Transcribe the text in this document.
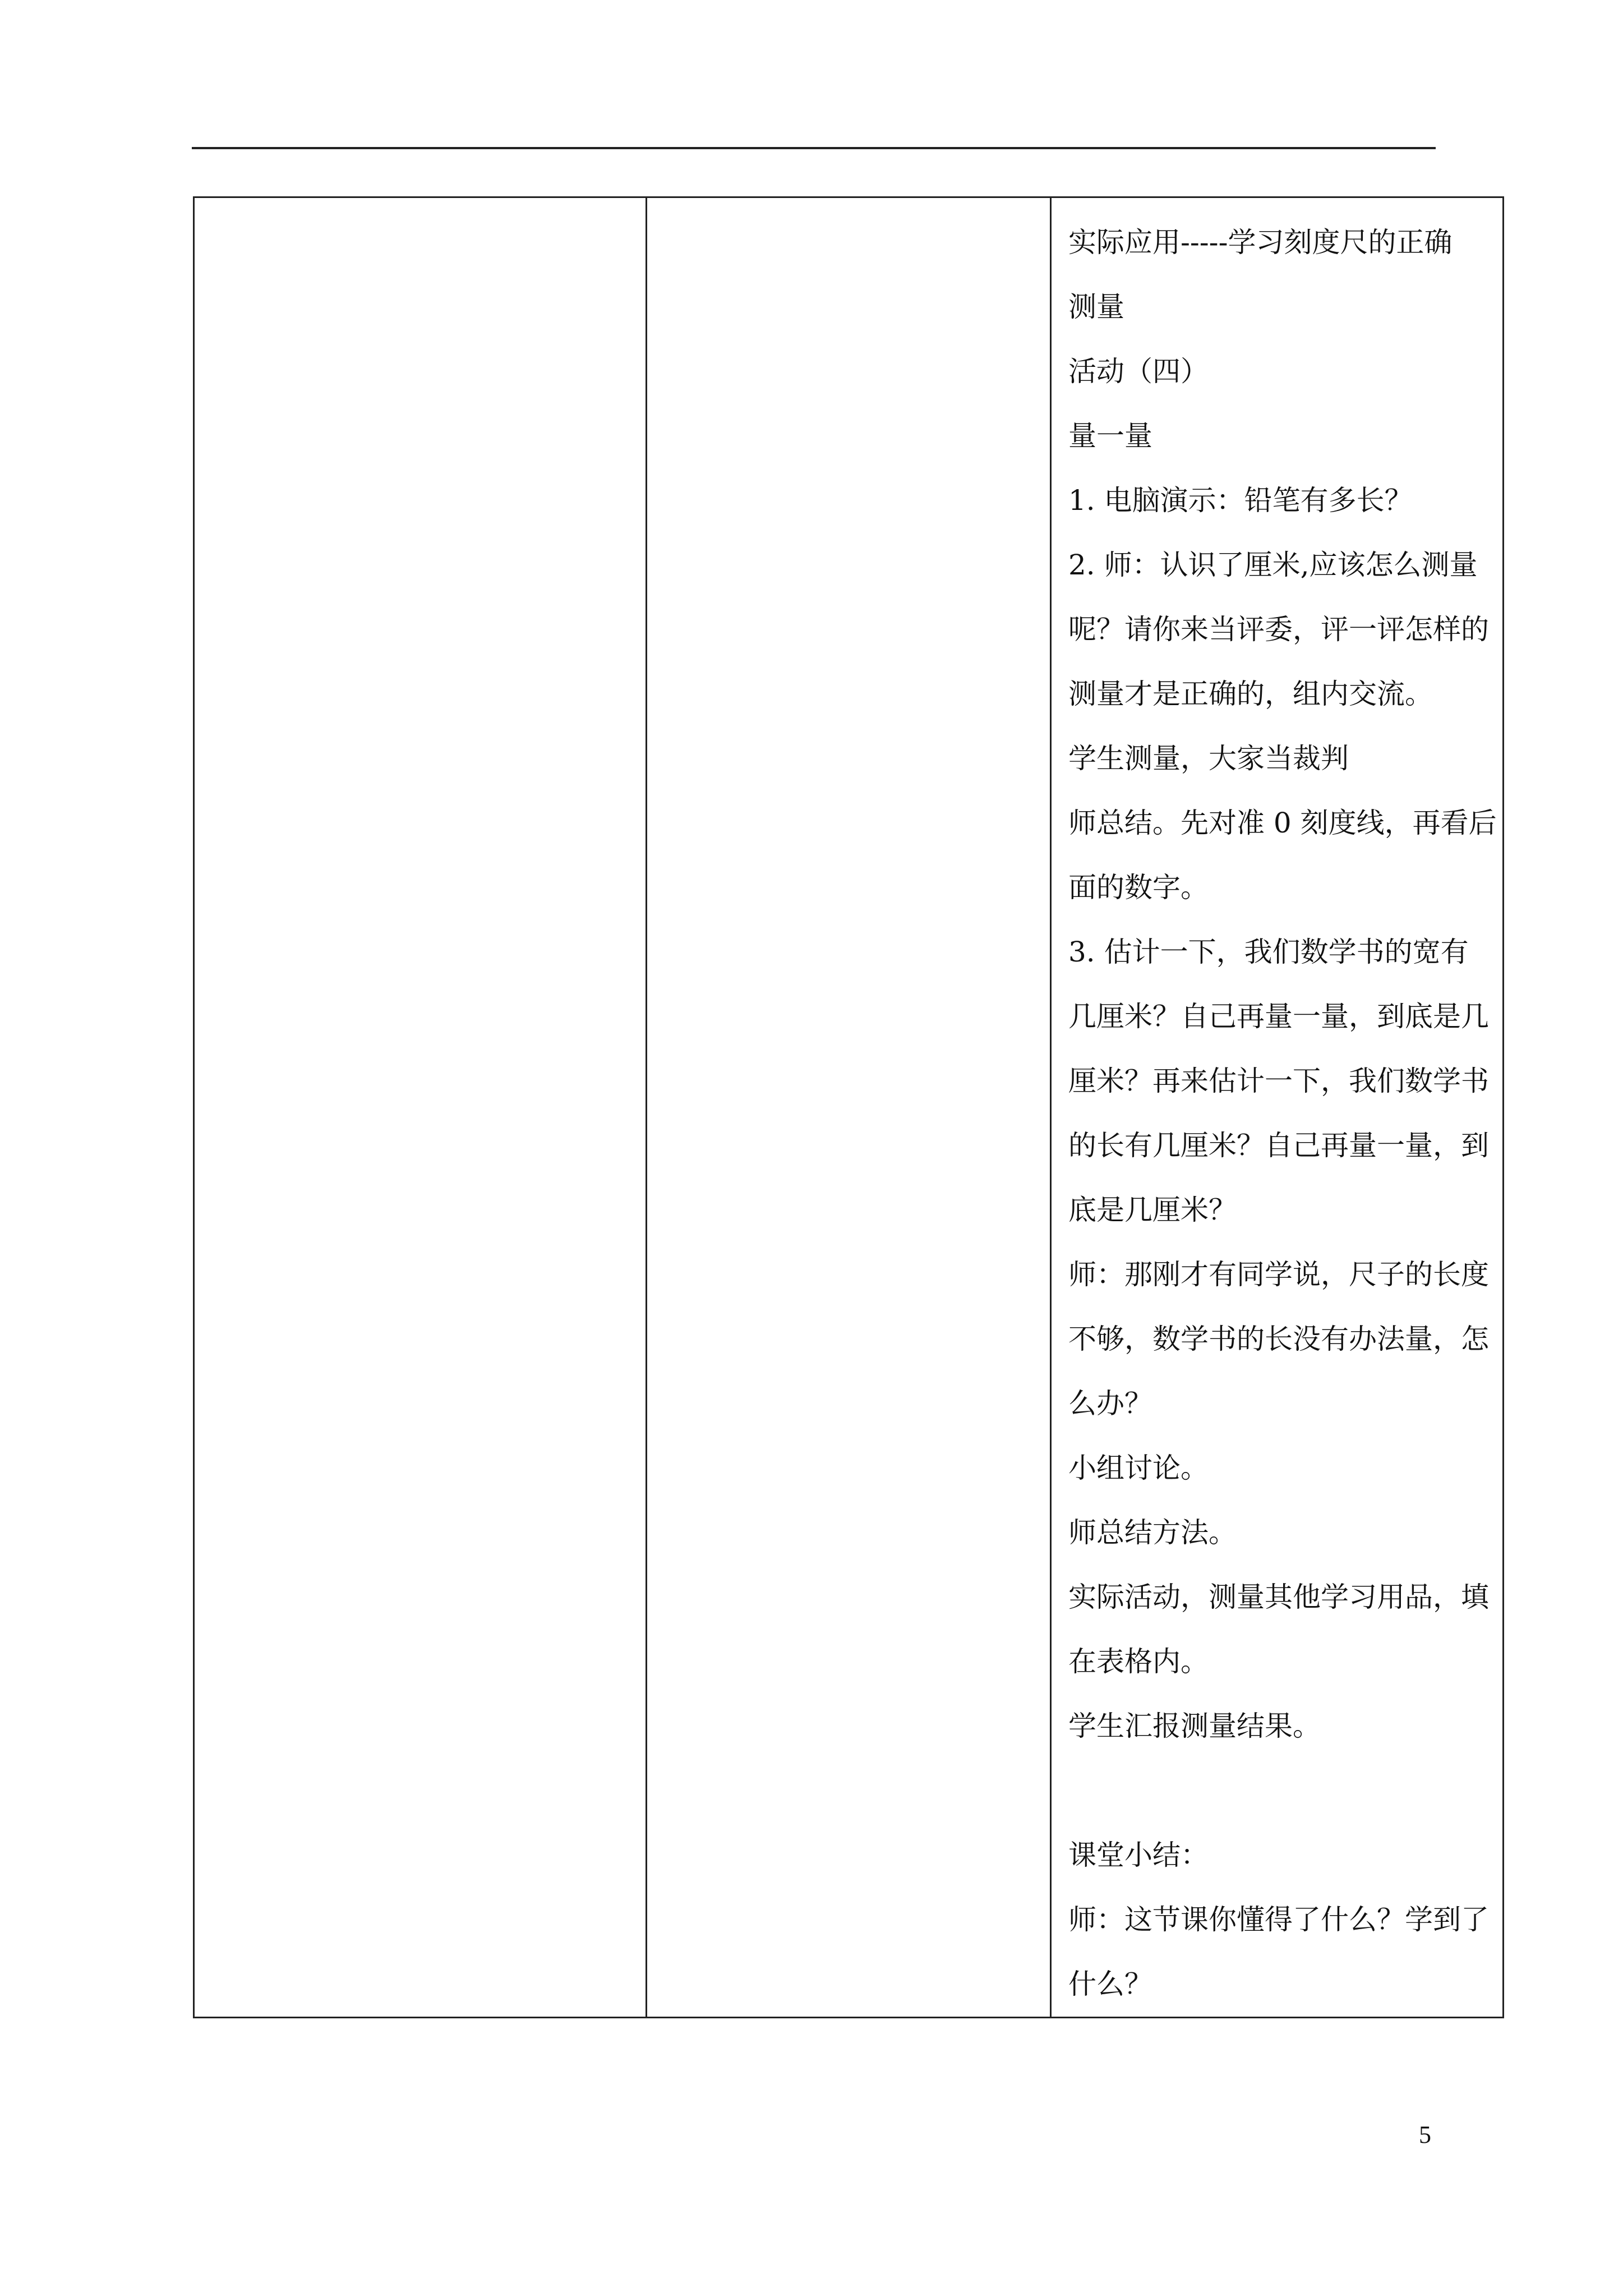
实际应用-----学习刻度尺的正确
测量
活动（四）
量一量
1. 电脑演示：铅笔有多长？
2. 师：认识了厘米,应该怎么测量
呢？请你来当评委，评一评怎样的
测量才是正确的，组内交流。
学生测量，大家当裁判
师总结。先对准 0 刻度线，再看后
面的数字。
3. 估计一下，我们数学书的宽有
几厘米？自己再量一量，到底是几
厘米？再来估计一下，我们数学书
的长有几厘米？自己再量一量，到
底是几厘米？
师：那刚才有同学说，尺子的长度
不够，数学书的长没有办法量，怎
么办？
小组讨论。
师总结方法。
实际活动，测量其他学习用品，填
在表格内。
学生汇报测量结果。
课堂小结：
师：这节课你懂得了什么？学到了
什么？
5
